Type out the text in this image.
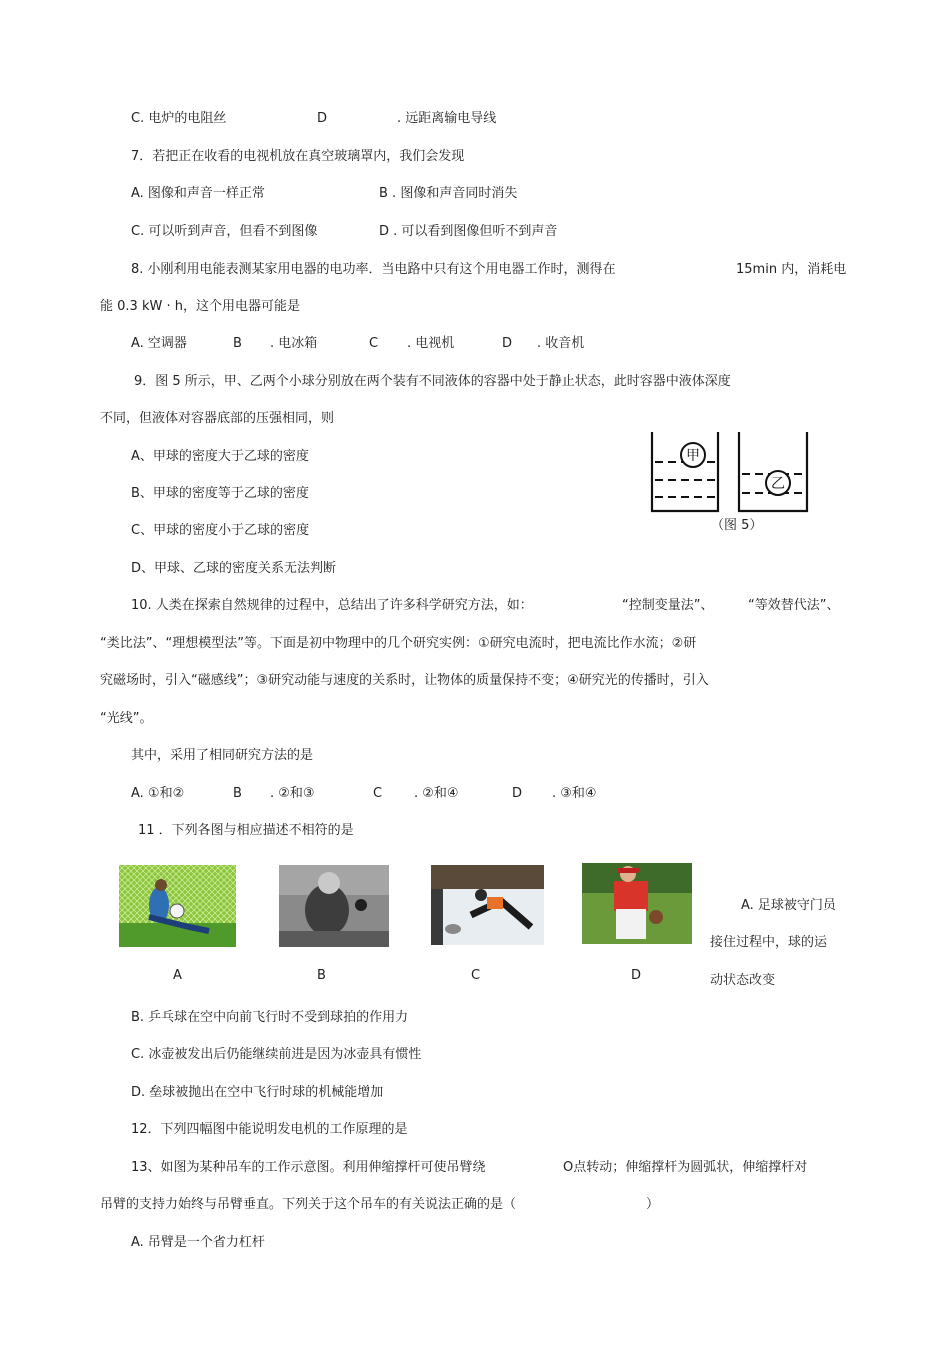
C. 电炉的电阻丝	D	. 远距离输电导线
7．若把正在收看的电视机放在真空玻璃罩内，我们会发现
A. 图像和声音一样正常	B . 图像和声音同时消失
C. 可以听到声音，但看不到图像	D . 可以看到图像但听不到声音
8. 小刚利用电能表测某家用电器的电功率．当电路中只有这个用电器工作时，测得在	15min 内，消耗电
能 0.3 kW · h，这个用电器可能是
A. 空调器	B . 电冰箱	C . 电视机	D . 收音机
9．图 5 所示，甲、乙两个小球分别放在两个装有不同液体的容器中处于静止状态，此时容器中液体深度
不同，但液体对容器底部的压强相同，则
A、甲球的密度大于乙球的密度
B、甲球的密度等于乙球的密度
C、甲球的密度小于乙球的密度
D、甲球、乙球的密度关系无法判断
甲
乙
（图 5）
10. 人类在探索自然规律的过程中，总结出了许多科学研究方法，如：	“控制变量法”、	“等效替代法”、
“类比法”、“理想模型法”等。下面是初中物理中的几个研究实例：①研究电流时，把电流比作水流；②研
究磁场时，引入“磁感线”；③研究动能与速度的关系时，让物体的质量保持不变；④研究光的传播时，引入
“光线”。
其中，采用了相同研究方法的是
A. ①和②	B . ②和③	C . ②和④	D . ③和④
11 ．下列各图与相应描述不相符的是
A	B	C	D
A. 足球被守门员
接住过程中，球的运
动状态改变
B. 乒乓球在空中向前飞行时不受到球拍的作用力
C. 冰壶被发出后仍能继续前进是因为冰壶具有惯性
D. 垒球被抛出在空中飞行时球的机械能增加
12．下列四幅图中能说明发电机的工作原理的是
13、如图为某种吊车的工作示意图。利用伸缩撑杆可使吊臂绕	O点转动；伸缩撑杆为圆弧状，伸缩撑杆对
吊臂的支持力始终与吊臂垂直。下列关于这个吊车的有关说法正确的是（	）
A. 吊臂是一个省力杠杆
